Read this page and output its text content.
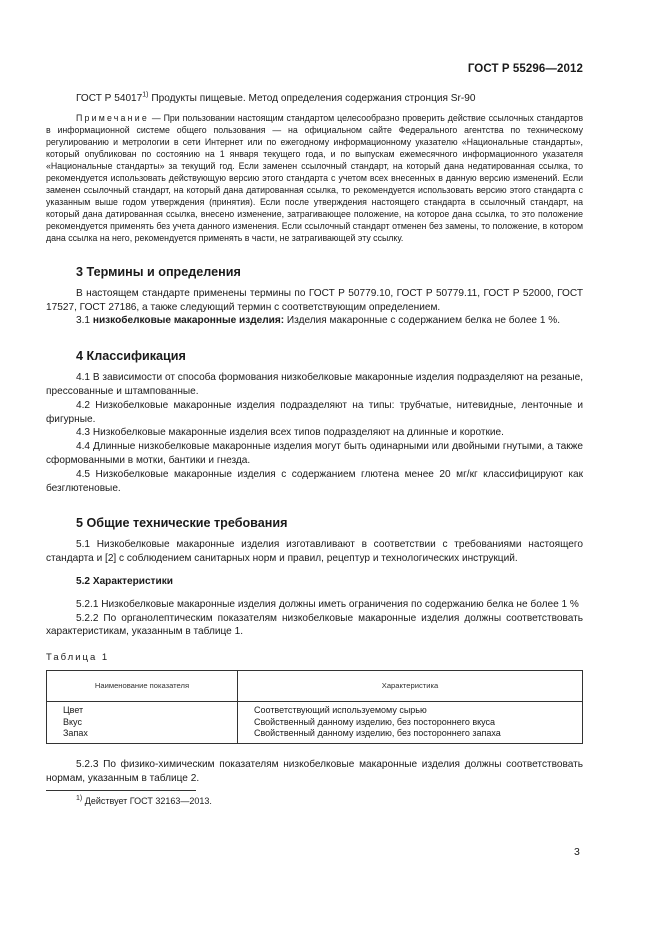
ГОСТ Р 55296—2012

ГОСТ Р 54017$^{1)}$ Продукты пищевые. Метод определения содержания стронция Sr-90

Примечание — При пользовании настоящим стандартом целесообразно проверить действие ссылочных стандартов в информационной системе общего пользования — на официальном сайте Федерального агентства по техническому регулированию и метрологии в сети Интернет или по ежегодному информационному указателю «Национальные стандарты», который опубликован по состоянию на 1 января текущего года, и по выпускам ежемесячного информационного указателя «Национальные стандарты» за текущий год. Если заменен ссылочный стандарт, на который дана недатированная ссылка, то рекомендуется использовать действующую версию этого стандарта с учетом всех внесенных в данную версию изменений. Если заменен ссылочный стандарт, на который дана датированная ссылка, то рекомендуется использовать версию этого стандарта с указанным выше годом утверждения (принятия). Если после утверждения настоящего стандарта в ссылочный стандарт, на который дана датированная ссылка, внесено изменение, затрагивающее положение, на которое дана ссылка, то это положение рекомендуется применять без учета данного изменения. Если ссылочный стандарт отменен без замены, то положение, в котором дана ссылка на него, рекомендуется применять в части, не затрагивающей эту ссылку.

3 Термины и определения

В настоящем стандарте применены термины по ГОСТ Р 50779.10, ГОСТ Р 50779.11, ГОСТ Р 52000, ГОСТ 17527, ГОСТ 27186, а также следующий термин с соответствующим определением.

3.1 низкобелковые макаронные изделия: Изделия макаронные с содержанием белка не более 1 %.

4 Классификация

4.1 В зависимости от способа формования низкобелковые макаронные изделия подразделяют на резаные, прессованные и штампованные.

4.2 Низкобелковые макаронные изделия подразделяют на типы: трубчатые, нитевидные, ленточные и фигурные.

4.3 Низкобелковые макаронные изделия всех типов подразделяют на длинные и короткие.

4.4 Длинные низкобелковые макаронные изделия могут быть одинарными или двойными гнутыми, а также сформованными в мотки, бантики и гнезда.

4.5 Низкобелковые макаронные изделия с содержанием глютена менее 20 мг/кг классифицируют как безглютеновые.

5 Общие технические требования

5.1 Низкобелковые макаронные изделия изготавливают в соответствии с требованиями настоящего стандарта и [2] с соблюдением санитарных норм и правил, рецептур и технологических инструкций.

5.2 Характеристики

5.2.1 Низкобелковые макаронные изделия должны иметь ограничения по содержанию белка не более 1 %

5.2.2 По органолептическим показателям низкобелковые макаронные изделия должны соответствовать характеристикам, указанным в таблице 1.

Таблица 1

Наименование показателя	Характеристика
Цвет	Соответствующий используемому сырью
Вкус	Свойственный данному изделию, без постороннего вкуса
Запах	Свойственный данному изделию, без постороннего запаха

5.2.3 По физико-химическим показателям низкобелковые макаронные изделия должны соответствовать нормам, указанным в таблице 2.

$^{1)}$ Действует ГОСТ 32163—2013.

3
